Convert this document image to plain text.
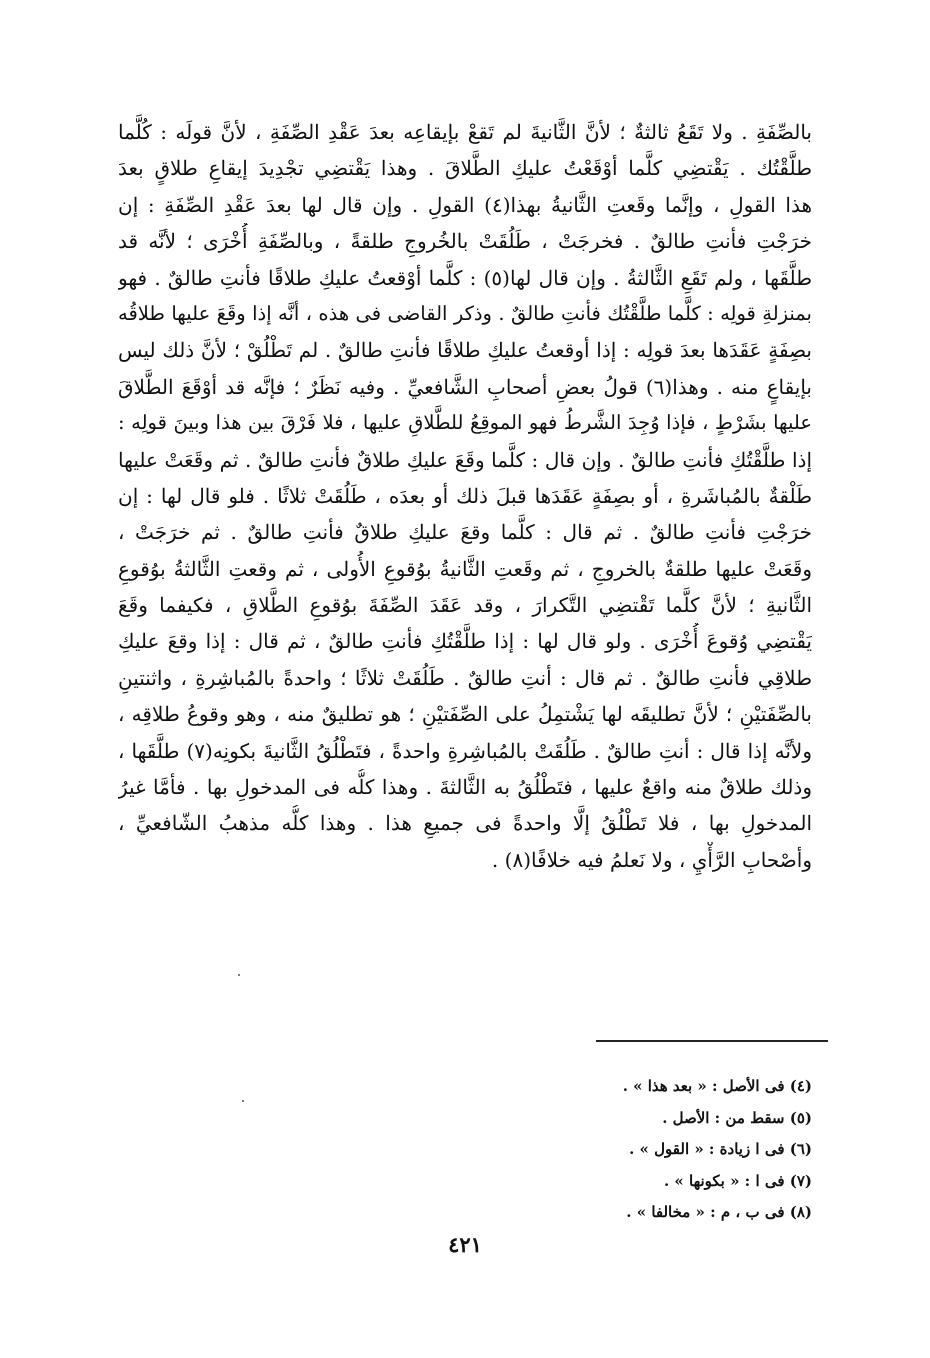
بالصِّفَةِ . ولا تَقَعُ ثالثةٌ ؛ لأنَّ الثَّانيةَ لم تَقعْ بإيقاعِه بعدَ عَقْدِ الصِّفَةِ ، لأنَّ قولَه : كُلَّما
طلَّقْتُك . يَقْتضِي كلَّما أوْقَعْتُ عليكِ الطَّلاقَ . وهذا يَقْتضِي تجْدِيدَ إيقاعِ طلاقٍ بعدَ
هذا القولِ ، وإنَّما وقَعتِ الثَّانيةُ بهذا(٤) القولِ . وإن قال لها بعدَ عَقْدِ الصِّفَةِ : إن
خرَجْتِ فأنتِ طالقٌ . فخرجَتْ ، طَلُقَتْ بالخُروجِ طلقةً ، وبالصِّفَةِ أُخْرَى ؛ لأنَّه قد
طلَّقَها ، ولم تَقَعِ الثَّالثةُ . وإن قال لها(٥) : كلَّما أوْقعتُ عليكِ طلاقًا فأنتِ طالقٌ . فهو
بمنزلةِ قولِه : كلَّما طلَّقْتُك فأنتِ طالقٌ . وذكر القاضى فى هذه ، أنَّه إذا وقَعَ عليها طلاقُه
بصِفَةٍ عَقَدَها بعدَ قولِه : إذا أوقعتُ عليكِ طلاقًا فأنتِ طالقٌ . لم تَطْلُقْ ؛ لأنَّ ذلك ليس
بإيقاعٍ منه . وهذا(٦) قولُ بعضِ أصحابِ الشَّافعيِّ . وفيه نَظَرٌ ؛ فإنَّه قد أوْقَعَ الطَّلاقَ
عليها بشَرْطٍ ، فإذا وُجِدَ الشَّرطُ فهو الموقِعُ للطَّلاقِ عليها ، فلا فَرْقَ بين هذا وبينَ قولِه :
إذا طلَّقْتُكِ فأنتِ طالقٌ . وإن قال : كلَّما وقَعَ عليكِ طلاقٌ فأنتِ طالقٌ . ثم وقَعَتْ عليها
طَلْقةٌ بالمُباشَرةِ ، أو بصِفَةٍ عَقَدَها قبلَ ذلك أو بعدَه ، طَلُقَتْ ثلاثًا . فلو قال لها : إن
خرَجْتِ فأنتِ طالقٌ . ثم قال : كلَّما وقعَ عليكِ طلاقٌ فأنتِ طالقٌ . ثم خرَجَتْ ،
وقَعَتْ عليها طلقةٌ بالخروجِ ، ثم وقَعتِ الثَّانيةُ بوُقوعِ الأُولى ، ثم وقعتِ الثَّالثةُ بوُقوعِ
الثَّانيةِ ؛ لأنَّ كلَّما تَقْتضِي التَّكرارَ ، وقد عَقَدَ الصِّفَةَ بوُقوعِ الطَّلاقِ ، فكيفما وقَعَ
يَقْتضِي وُقوعَ أُخْرَى . ولو قال لها : إذا طلَّقْتُكِ فأنتِ طالقٌ ، ثم قال : إذا وقعَ عليكِ
طلاقِي فأنتِ طالقٌ . ثم قال : أنتِ طالقٌ . طَلُقَتْ ثلاثًا ؛ واحدةً بالمُباشِرةِ ، واثنتينِ
بالصِّفَتيْنِ ؛ لأنَّ تطليقَه لها يَشْتمِلُ على الصِّفَتيْنِ ؛ هو تطليقٌ منه ، وهو وقوعُ طلاقِه ،
ولأنَّه إذا قال : أنتِ طالقٌ . طَلُقَتْ بالمُباشِرةِ واحدةً ، فتَطْلُقُ الثَّانيةَ بكونِه(٧) طلَّقَها ،
وذلك طلاقٌ منه واقعٌ عليها ، فتَطْلُقُ به الثَّالثةَ . وهذا كلُّه فى المدخولِ بها . فأمَّا غيرُ
المدخولِ بها ، فلا تَطْلُقُ إلَّا واحدةً فى جميعِ هذا . وهذا كلُّه مذهبُ الشّافعيِّ ،
وأصْحابِ الرَّأْيِ ، ولا نَعلمُ فيه خلافًا(٨) .
(٤) فى الأصل : « بعد هذا » .
(٥) سقط من : الأصل .
(٦) فى ا زيادة : « القول » .
(٧) فى ا : « بكونها » .
(٨) فى ب ، م : « مخالفا » .
٤٢١
